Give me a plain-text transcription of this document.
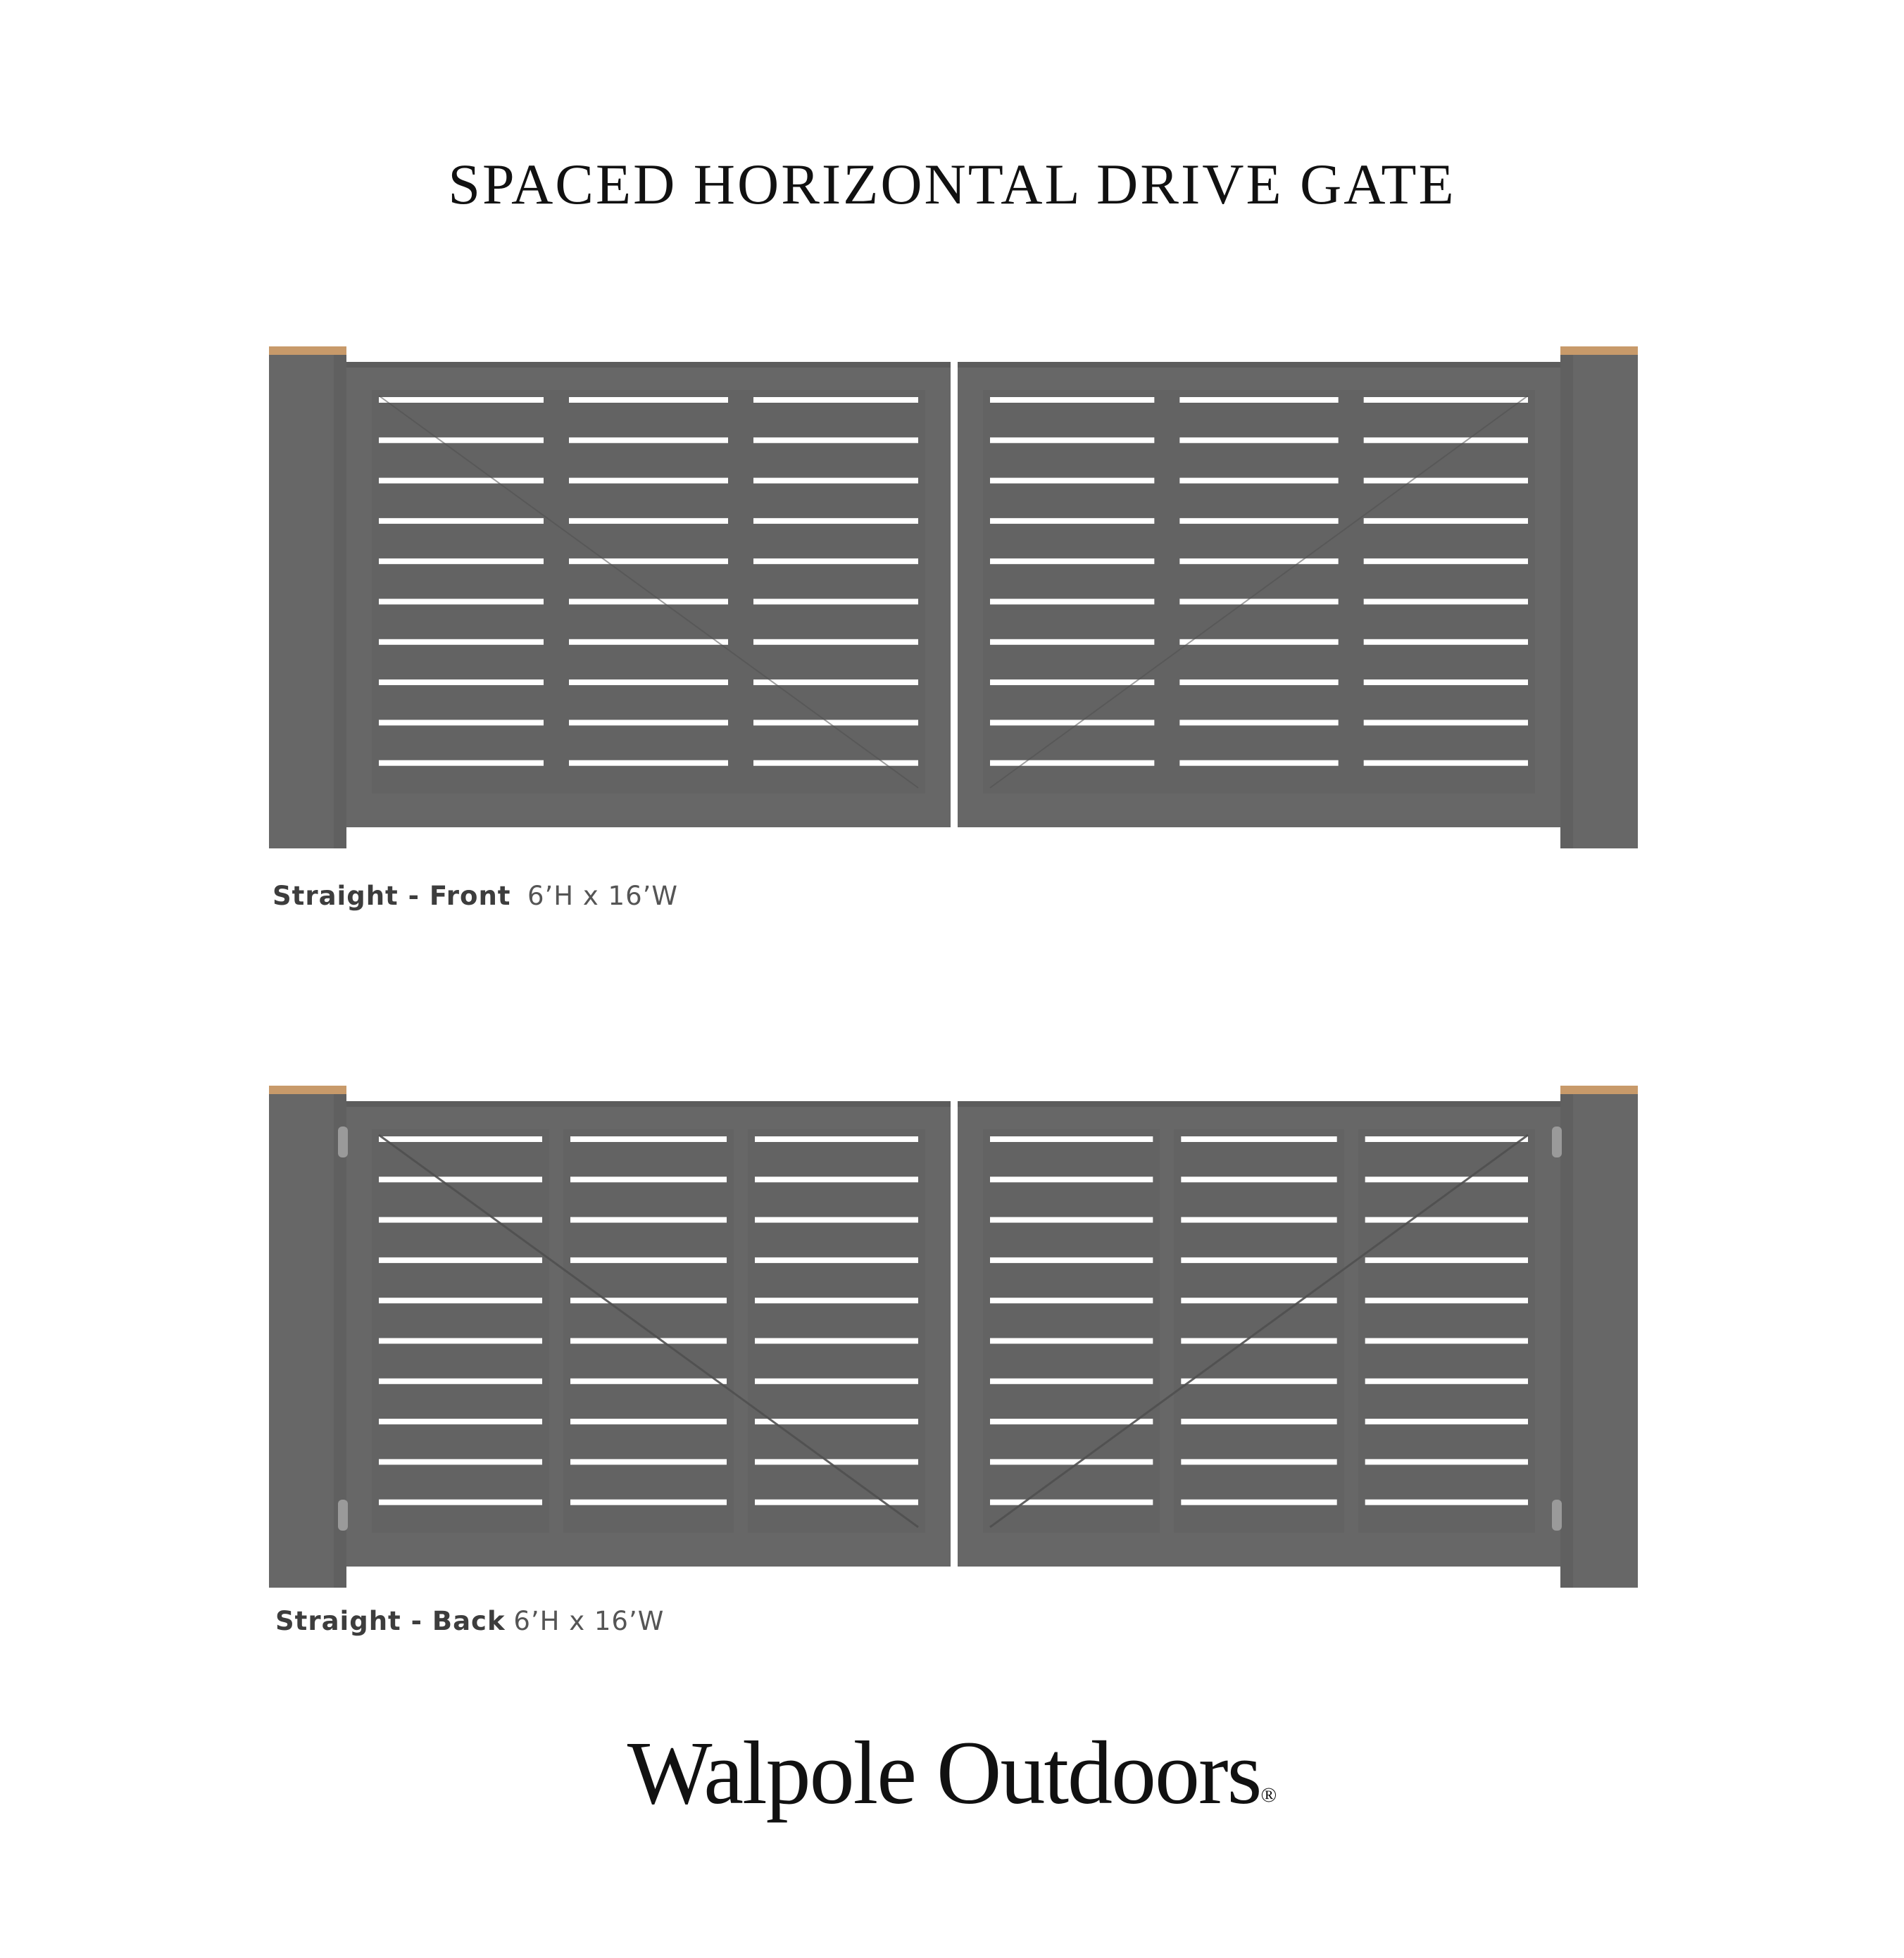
SPACED HORIZONTAL DRIVE GATE
Straight - Front 6’H x 16’W
Straight - Back 6’H x 16’W
Walpole Outdoors®
